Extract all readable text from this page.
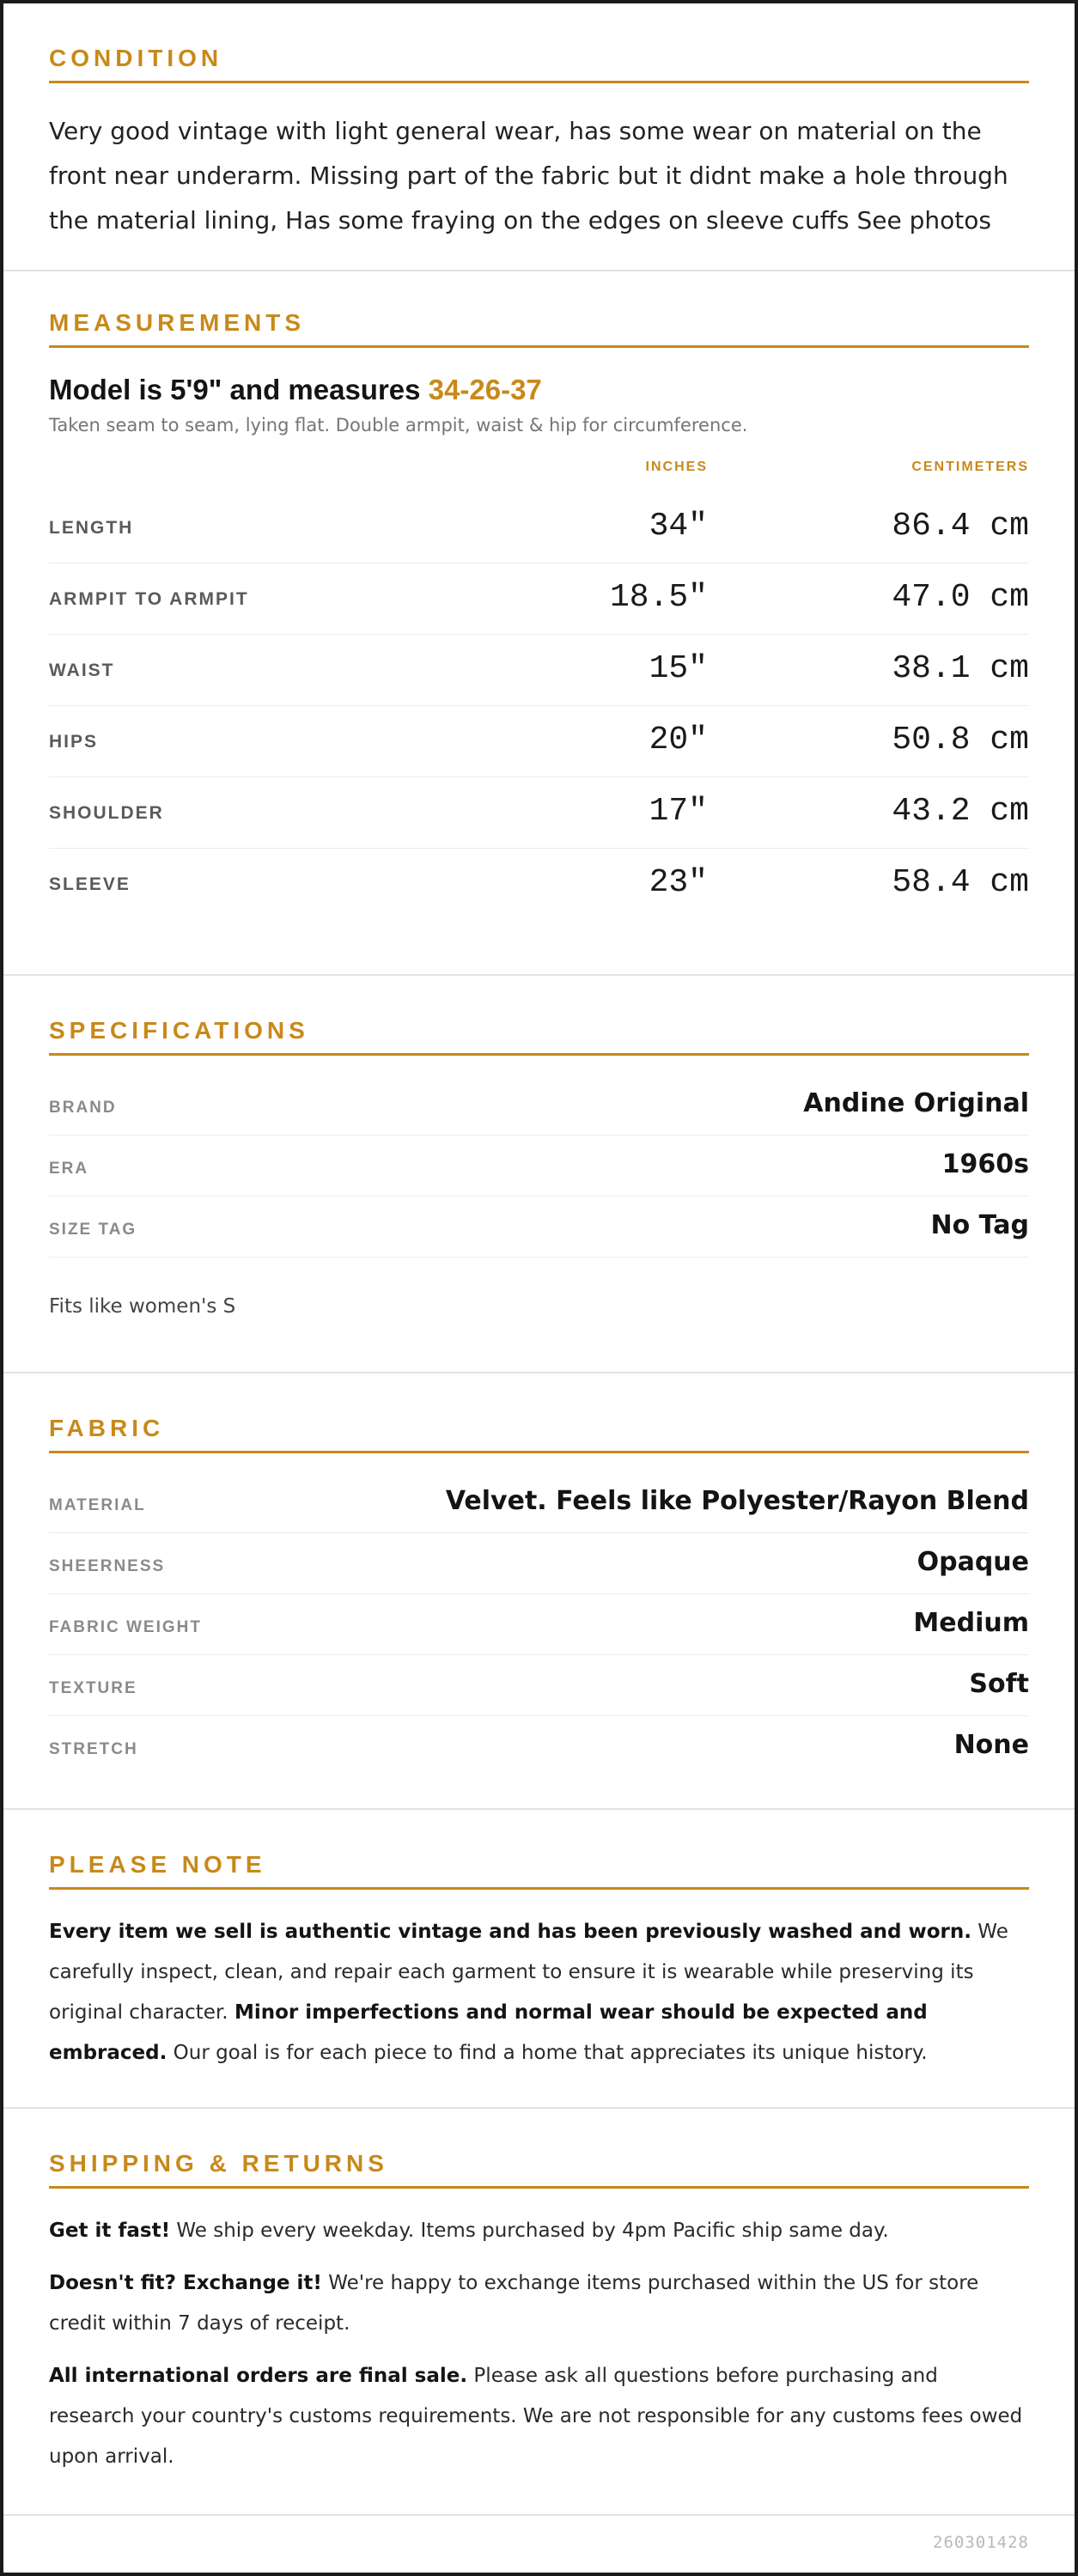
CONDITION

Very good vintage with light general wear, has some wear on material on the front near underarm. Missing part of the fabric but it didnt make a hole through the material lining, Has some fraying on the edges on sleeve cuffs See photos

MEASUREMENTS
Model is 5'9" and measures 34-26-37
Taken seam to seam, lying flat. Double armpit, waist & hip for circumference.
INCHES	CENTIMETERS
LENGTH	34"	86.4 cm
ARMPIT TO ARMPIT	18.5"	47.0 cm
WAIST	15"	38.1 cm
HIPS	20"	50.8 cm
SHOULDER	17"	43.2 cm
SLEEVE	23"	58.4 cm
SPECIFICATIONS
BRAND	Andine Original
ERA	1960s
SIZE TAG	No Tag
Fits like women's S
FABRIC
MATERIAL	Velvet. Feels like Polyester/Rayon Blend
SHEERNESS	Opaque
FABRIC WEIGHT	Medium
TEXTURE	Soft
STRETCH	None
PLEASE NOTE

Every item we sell is authentic vintage and has been previously washed and worn. We carefully inspect, clean, and repair each garment to ensure it is wearable while preserving its original character. Minor imperfections and normal wear should be expected and embraced. Our goal is for each piece to find a home that appreciates its unique history.

SHIPPING & RETURNS

Get it fast! We ship every weekday. Items purchased by 4pm Pacific ship same day.

Doesn't fit? Exchange it! We're happy to exchange items purchased within the US for store credit within 7 days of receipt.

All international orders are final sale. Please ask all questions before purchasing and research your country's customs requirements. We are not responsible for any customs fees owed upon arrival.

260301428
